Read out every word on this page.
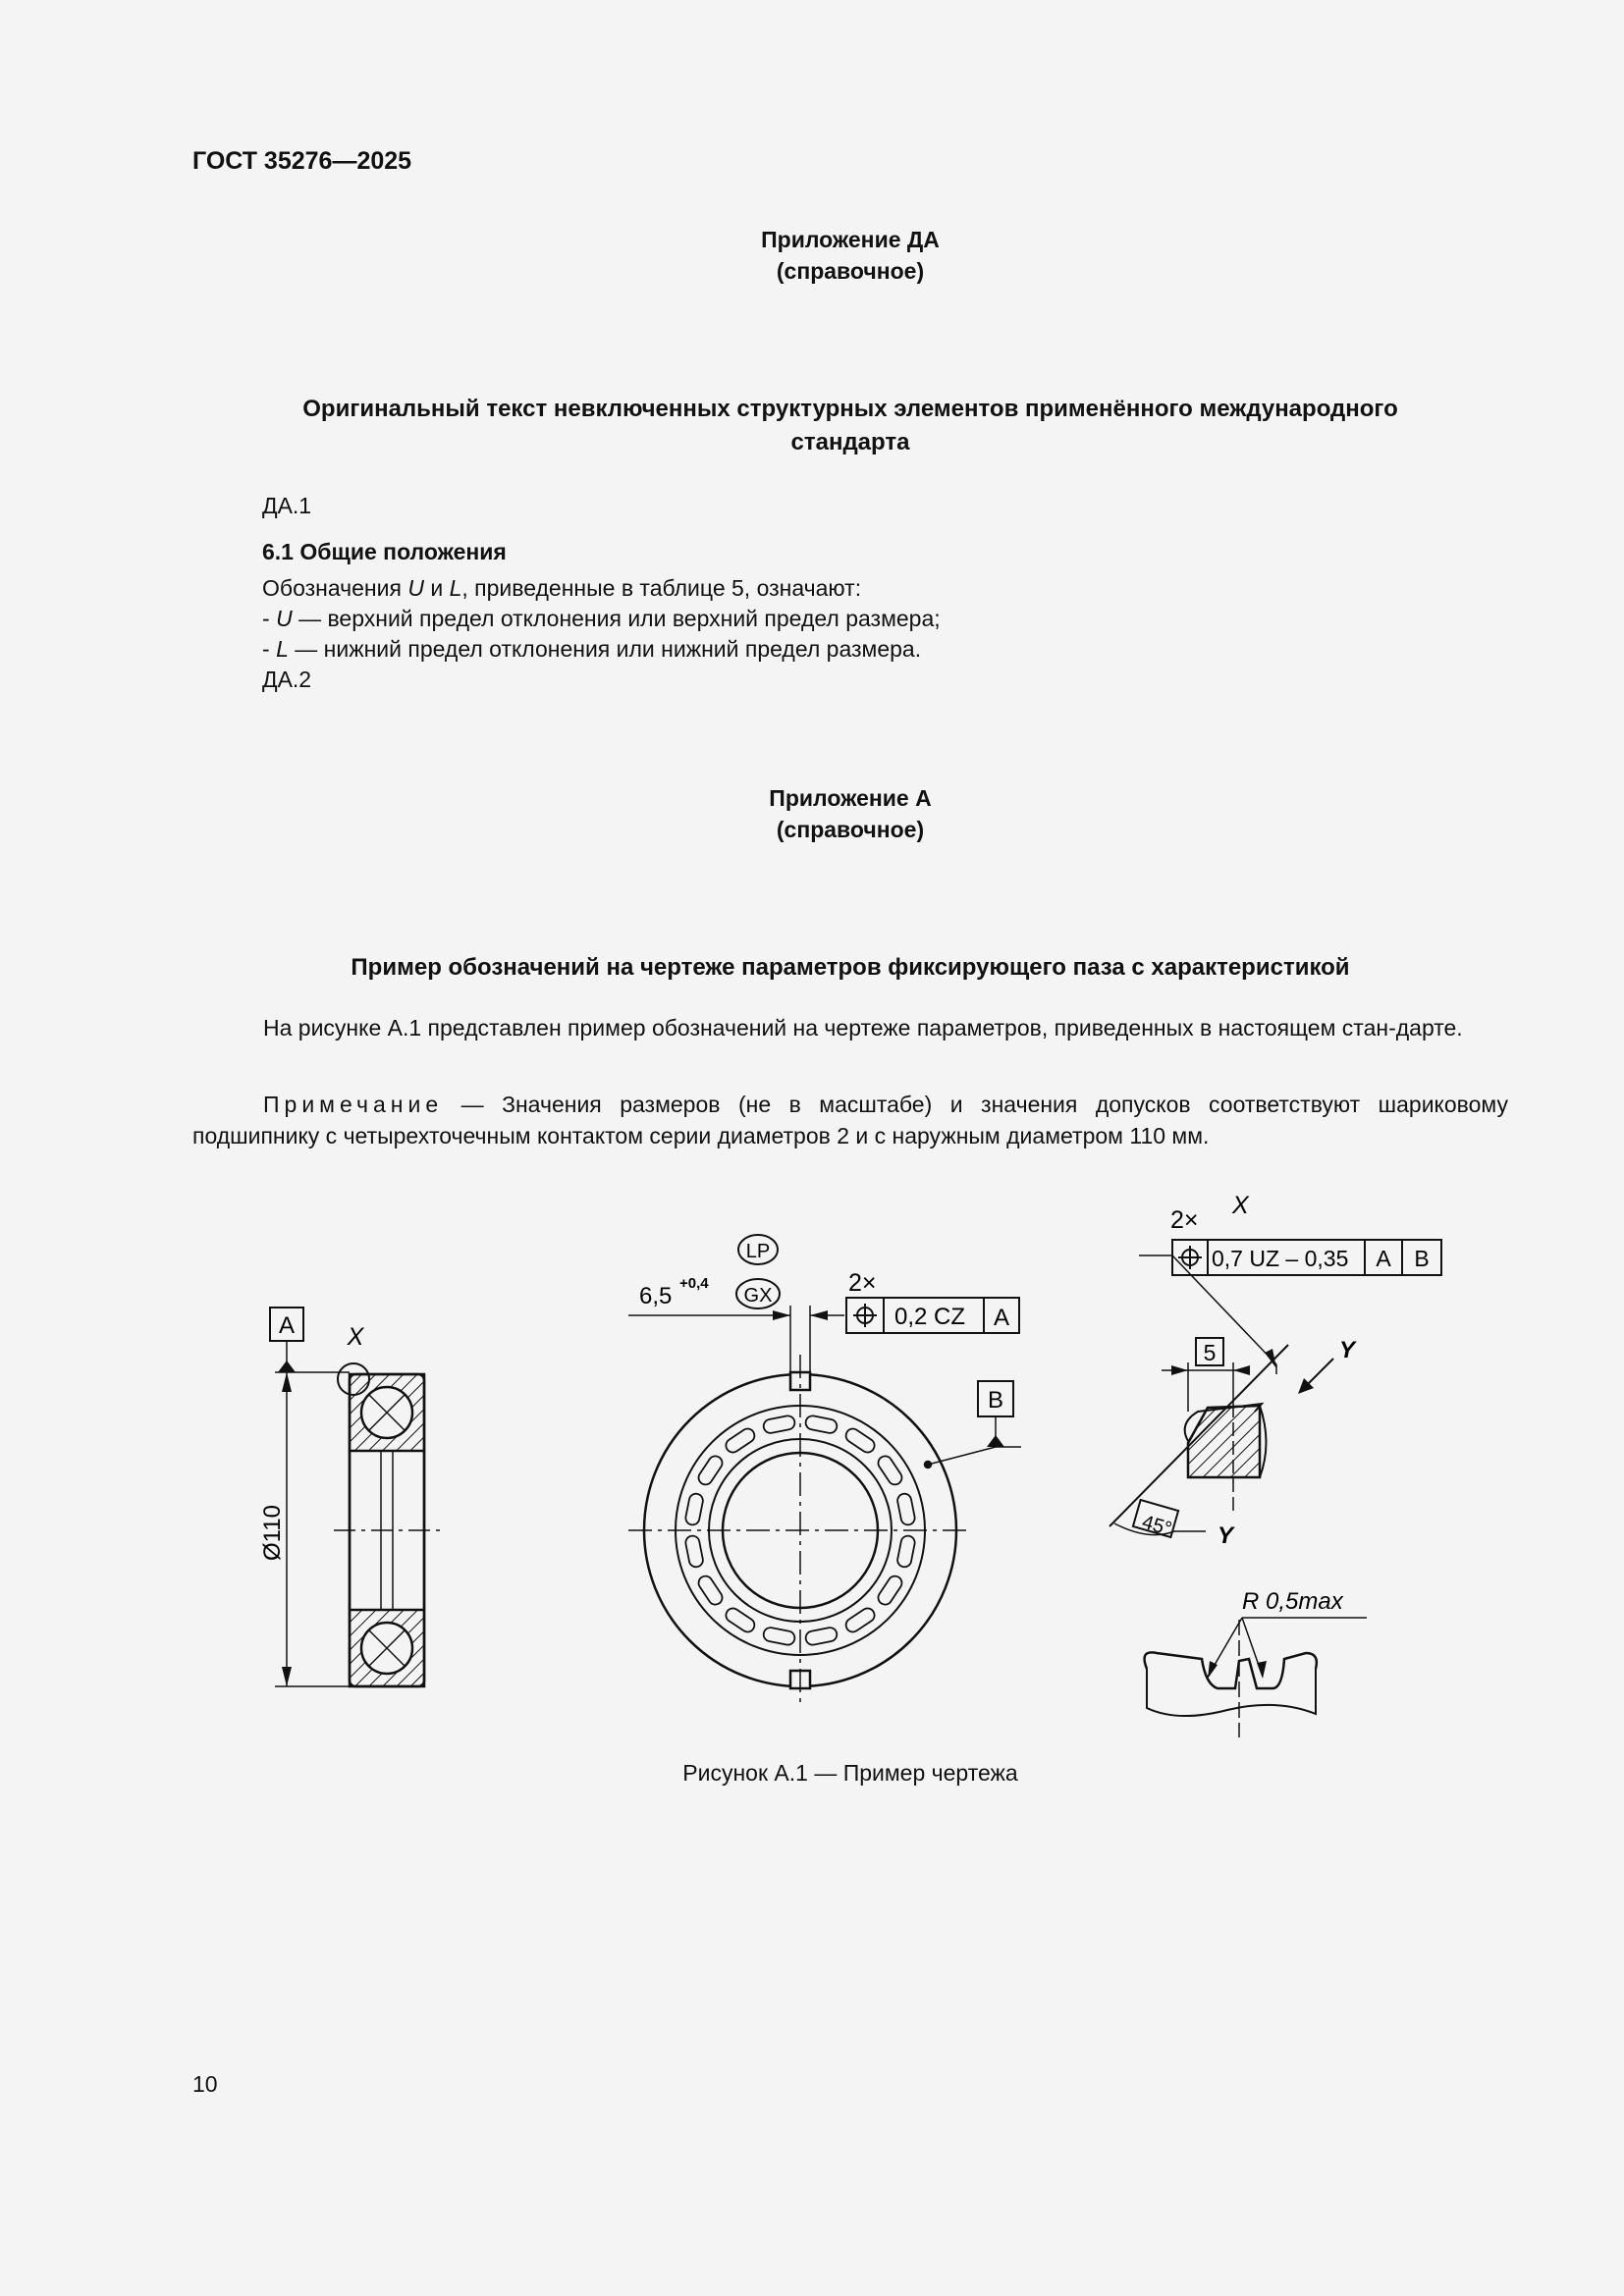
ГОСТ 35276—2025
Приложение ДА
(справочное)
Оригинальный текст невключенных структурных элементов применённого международного
стандарта
ДА.1
6.1 Общие положения
Обозначения U и L, приведенные в таблице 5, означают:
- U — верхний предел отклонения или верхний предел размера;
- L — нижний предел отклонения или нижний предел размера.
ДА.2
Приложение А
(справочное)
Пример обозначений на чертеже параметров фиксирующего паза с характеристикой
На рисунке А.1 представлен пример обозначений на чертеже параметров, приведенных в настоящем стан-дарте.
Примечание — Значения размеров (не в масштабе) и значения допусков соответствуют шариковому подшипнику с четырехточечным контактом серии диаметров 2 и с наружным диаметром 110 мм.
A X
Ø110
6,5 +0,4
LP
GX	2×
0,2 CZ A
B
2×
X
0,7 UZ – 0,35 A B
5	Y
Y
45°
R 0,5max
Рисунок А.1 — Пример чертежа
10
